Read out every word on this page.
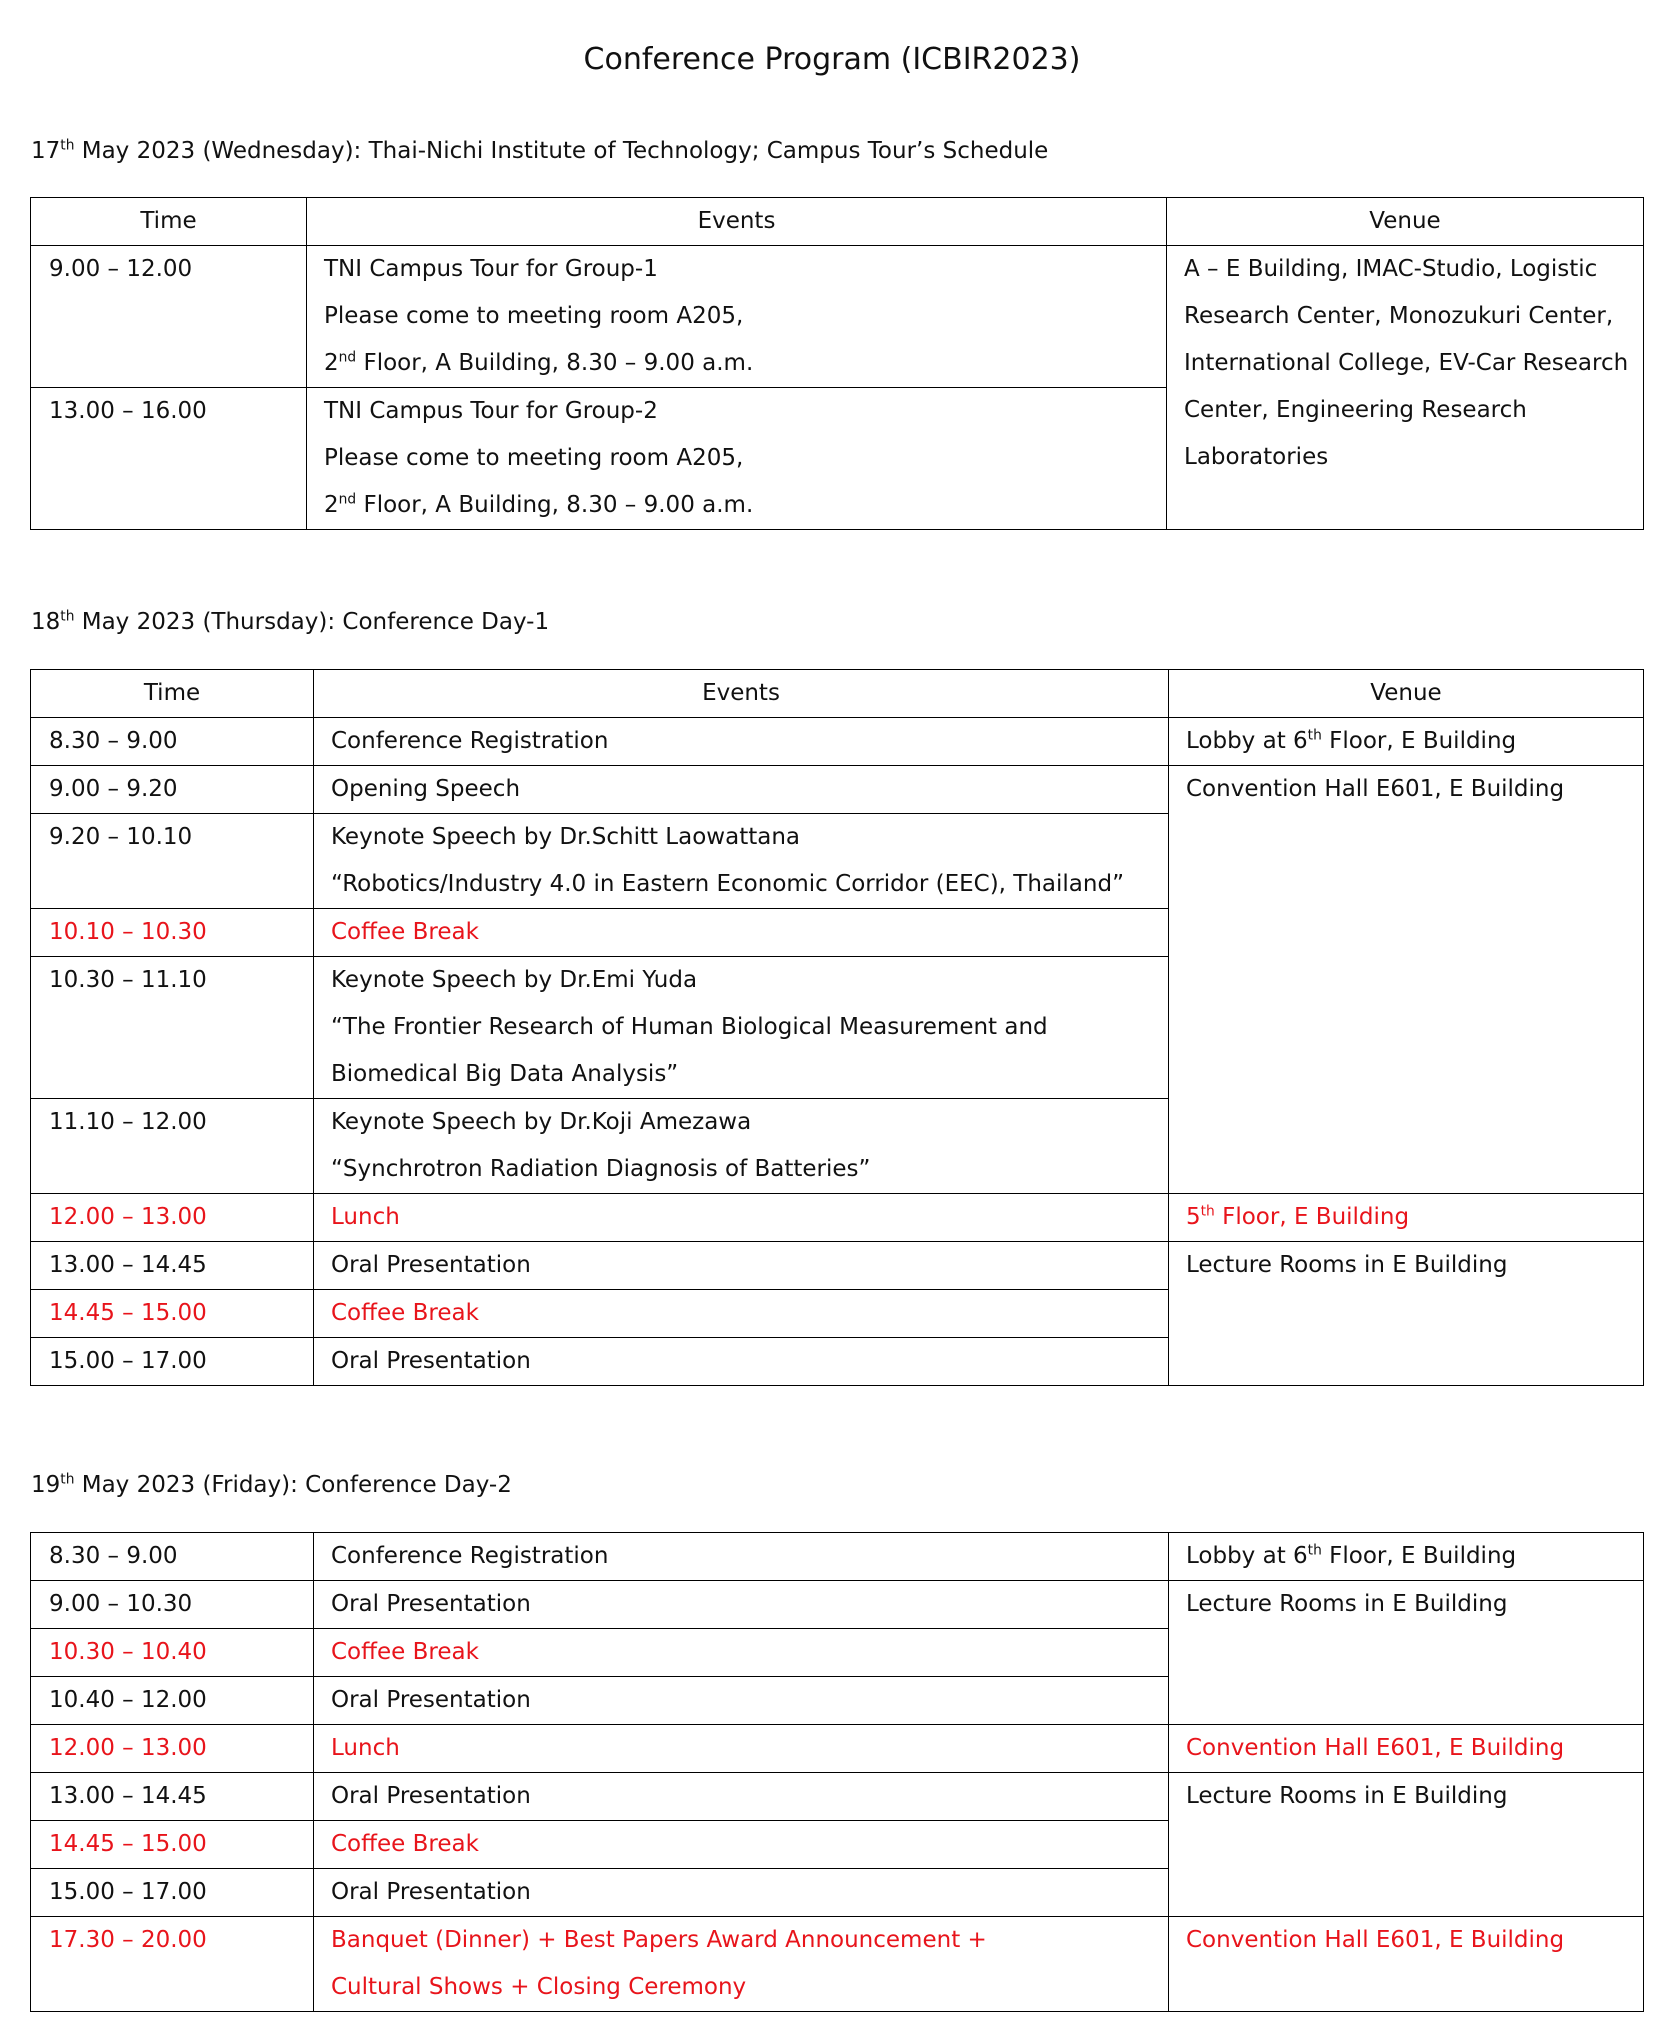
Conference Program (ICBIR2023)
17th May 2023 (Wednesday): Thai-Nichi Institute of Technology; Campus Tour’s Schedule
Time	Events	Venue
9.00 – 12.00	TNI Campus Tour for Group-1
Please come to meeting room A205,
2nd Floor, A Building, 8.30 – 9.00 a.m.	A – E Building, IMAC-Studio, Logistic
Research Center, Monozukuri Center,
International College, EV-Car Research
Center, Engineering Research
Laboratories

13.00 – 16.00	TNI Campus Tour for Group-2
Please come to meeting room A205,
2nd Floor, A Building, 8.30 – 9.00 a.m.	
18th May 2023 (Thursday): Conference Day-1
Time	Events	Venue
8.30 – 9.00	Conference Registration	Lobby at 6th Floor, E Building
9.00 – 9.20	Opening Speech	Convention Hall E601, E Building
9.20 – 10.10	Keynote Speech by Dr.Schitt Laowattana
“Robotics/Industry 4.0 in Eastern Economic Corridor (EEC), Thailand”	

10.10 – 10.30	Coffee Break	
10.30 – 11.10	Keynote Speech by Dr.Emi Yuda
“The Frontier Research of Human Biological Measurement and
Biomedical Big Data Analysis”	

11.10 – 12.00	Keynote Speech by Dr.Koji Amezawa
“Synchrotron Radiation Diagnosis of Batteries”	

12.00 – 13.00	Lunch	5th Floor, E Building
13.00 – 14.45	Oral Presentation	Lecture Rooms in E Building
14.45 – 15.00	Coffee Break	
15.00 – 17.00	Oral Presentation	
19th May 2023 (Friday): Conference Day-2
8.30 – 9.00	Conference Registration	Lobby at 6th Floor, E Building
9.00 – 10.30	Oral Presentation	Lecture Rooms in E Building
10.30 – 10.40	Coffee Break	
10.40 – 12.00	Oral Presentation	
12.00 – 13.00	Lunch	Convention Hall E601, E Building
13.00 – 14.45	Oral Presentation	Lecture Rooms in E Building
14.45 – 15.00	Coffee Break	
15.00 – 17.00	Oral Presentation	
17.30 – 20.00	Banquet (Dinner) + Best Papers Award Announcement +
Cultural Shows + Closing Ceremony	Convention Hall E601, E Building
